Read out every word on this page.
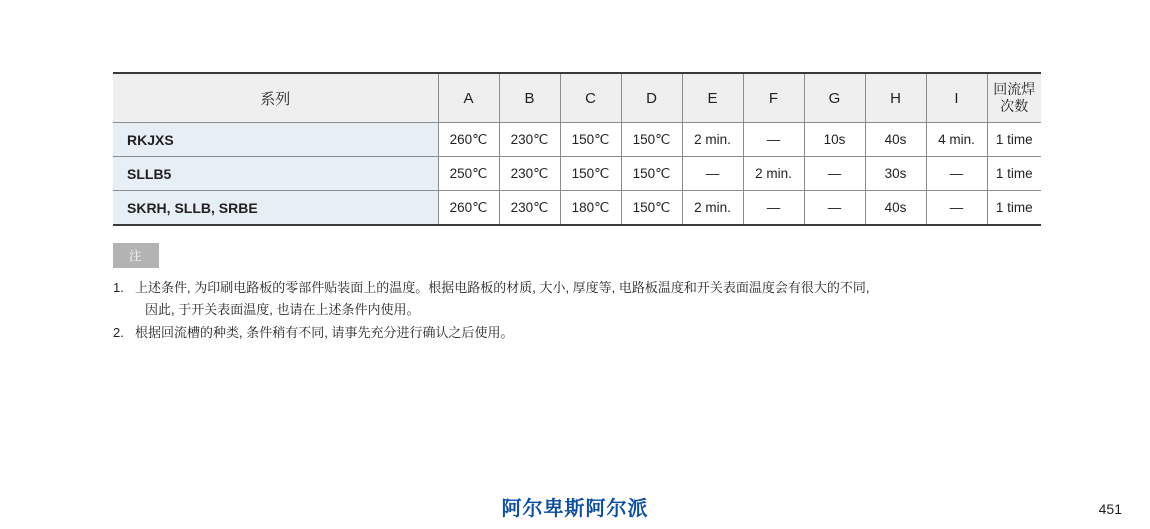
系列	A	B	C	D	E	F	G	H	I	回流焊
次数

RKJXS	260℃	230℃	150℃	150℃	2 min.	—	10s	40s	4 min.	1 time
SLLB5	250℃	230℃	150℃	150℃	—	2 min.	—	30s	—	1 time
SKRH, SLLB, SRBE	260℃	230℃	180℃	150℃	2 min.	—	—	40s	—	1 time
注
1. 上述条件, 为印刷电路板的零部件贴装面上的温度。根据电路板的材质, 大小, 厚度等, 电路板温度和开关表面温度会有很大的不同,
因此, 于开关表面温度, 也请在上述条件内使用。
2. 根据回流槽的种类, 条件稍有不同, 请事先充分进行确认之后使用。
阿尔卑斯阿尔派	451
